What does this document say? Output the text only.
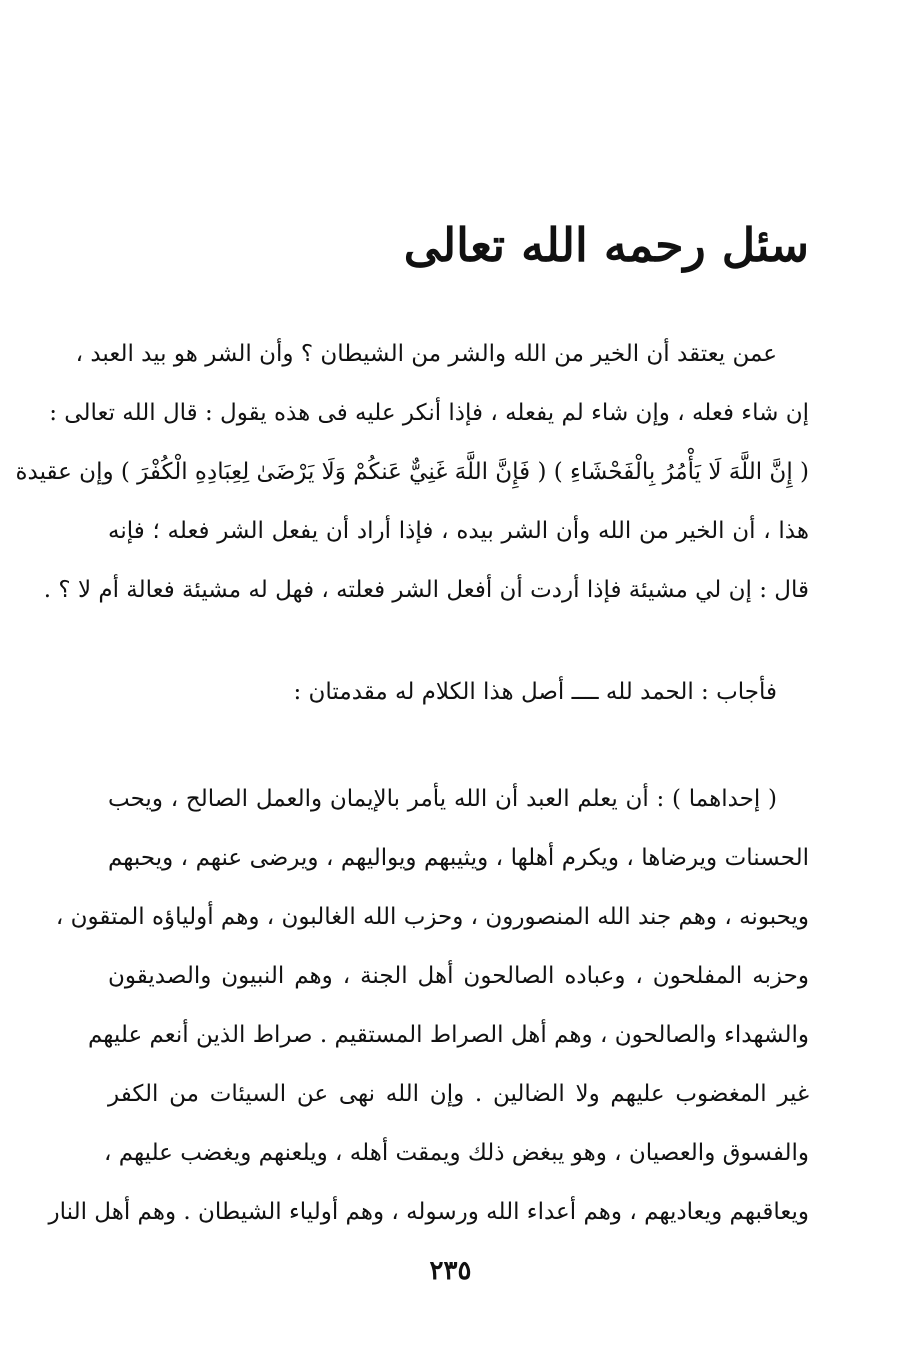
سئل رحمه الله تعالى
عمن يعتقد أن الخير من الله والشر من الشيطان ؟ وأن الشر هو بيد العبد ،
إن شاء فعله ، وإن شاء لم يفعله ، فإذا أنكر عليه فى هذه يقول : قال الله تعالى :
( إِنَّ اللَّهَ لَا يَأْمُرُ بِالْفَحْشَاءِ ) ( فَإِنَّ اللَّهَ غَنِيٌّ عَنكُمْ وَلَا يَرْضَىٰ لِعِبَادِهِ الْكُفْرَ ) وإن عقيدة
هذا ، أن الخير من الله وأن الشر بيده ، فإذا أراد أن يفعل الشر فعله ؛ فإنه
قال : إن لي مشيئة فإذا أردت أن أفعل الشر فعلته ، فهل له مشيئة فعالة أم لا ؟ .
فأجاب : الحمد لله ــــ أصل هذا الكلام له مقدمتان :
( إحداهما ) : أن يعلم العبد أن الله يأمر بالإيمان والعمل الصالح ، ويحب
الحسنات ويرضاها ، ويكرم أهلها ، ويثيبهم ويواليهم ، ويرضى عنهم ، ويحبهم
ويحبونه ، وهم جند الله المنصورون ، وحزب الله الغالبون ، وهم أولياؤه المتقون ،
وحزبه المفلحون ، وعباده الصالحون أهل الجنة ، وهم النبيون والصديقون
والشهداء والصالحون ، وهم أهل الصراط المستقيم . صراط الذين أنعم عليهم
غير المغضوب عليهم ولا الضالين . وإن الله نهى عن السيئات من الكفر
والفسوق والعصيان ، وهو يبغض ذلك ويمقت أهله ، ويلعنهم ويغضب عليهم ،
ويعاقبهم ويعاديهم ، وهم أعداء الله ورسوله ، وهم أولياء الشيطان . وهم أهل النار
٢٣٥
